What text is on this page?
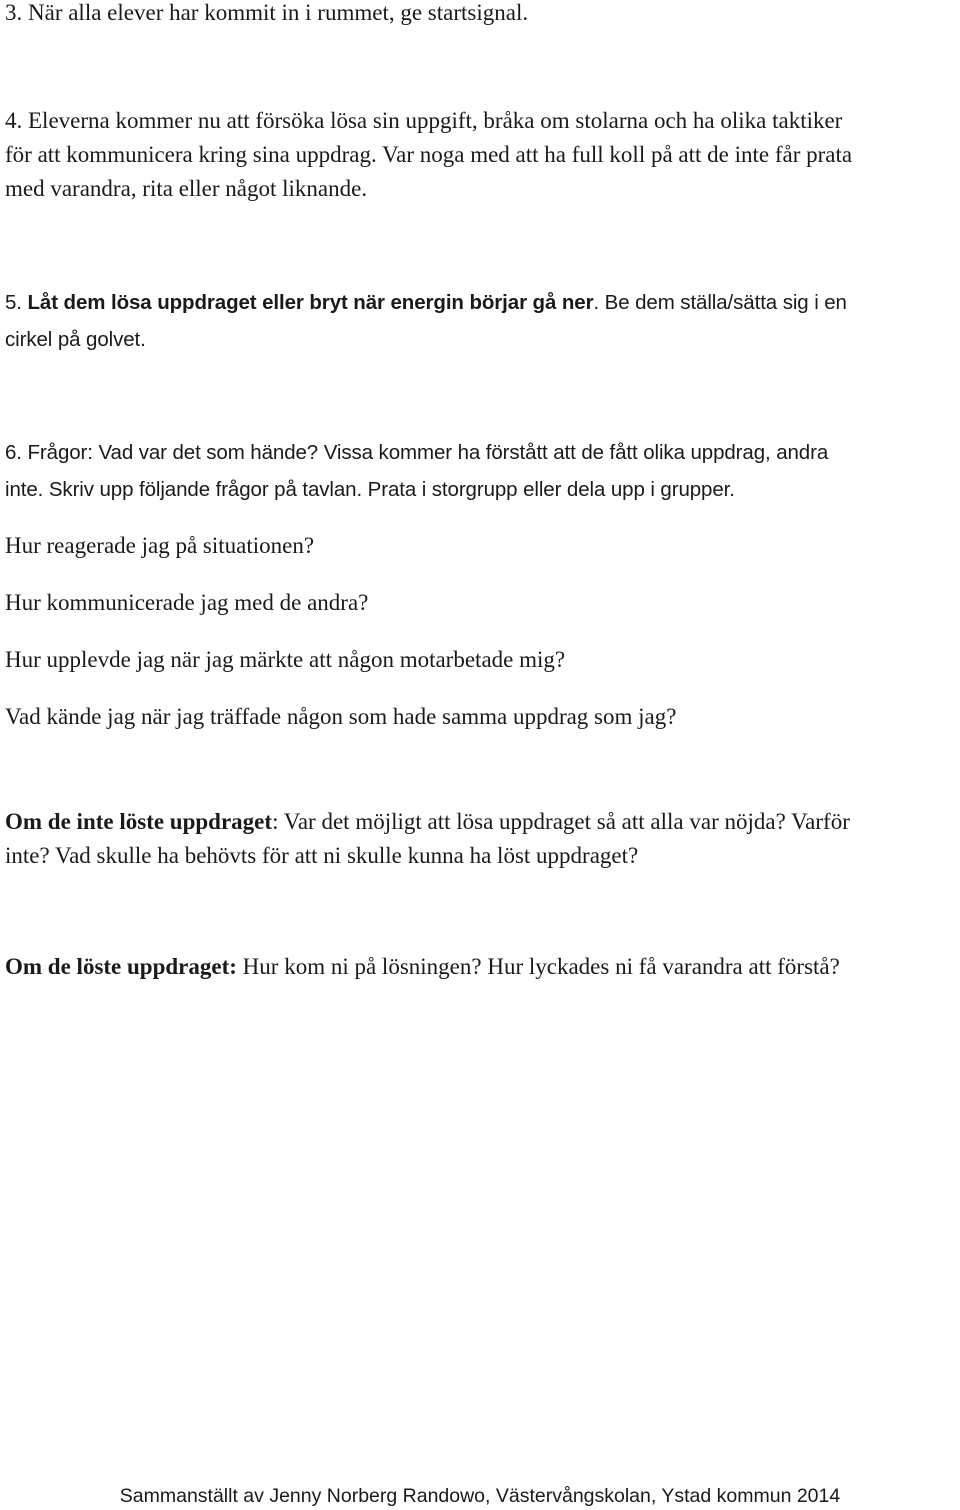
3. När alla elever har kommit in i rummet, ge startsignal.
4. Eleverna kommer nu att försöka lösa sin uppgift, bråka om stolarna och ha olika taktiker
för att kommunicera kring sina uppdrag. Var noga med att ha full koll på att de inte får prata
med varandra, rita eller något liknande.
5. Låt dem lösa uppdraget eller bryt när energin börjar gå ner. Be dem ställa/sätta sig i en
cirkel på golvet.
6. Frågor: Vad var det som hände? Vissa kommer ha förstått att de fått olika uppdrag, andra
inte. Skriv upp följande frågor på tavlan. Prata i storgrupp eller dela upp i grupper.
Hur reagerade jag på situationen?
Hur kommunicerade jag med de andra?
Hur upplevde jag när jag märkte att någon motarbetade mig?
Vad kände jag när jag träffade någon som hade samma uppdrag som jag?
Om de inte löste uppdraget: Var det möjligt att lösa uppdraget så att alla var nöjda? Varför
inte? Vad skulle ha behövts för att ni skulle kunna ha löst uppdraget?
Om de löste uppdraget: Hur kom ni på lösningen? Hur lyckades ni få varandra att förstå?
Sammanställt av Jenny Norberg Randowo, Västervångskolan, Ystad kommun 2014
